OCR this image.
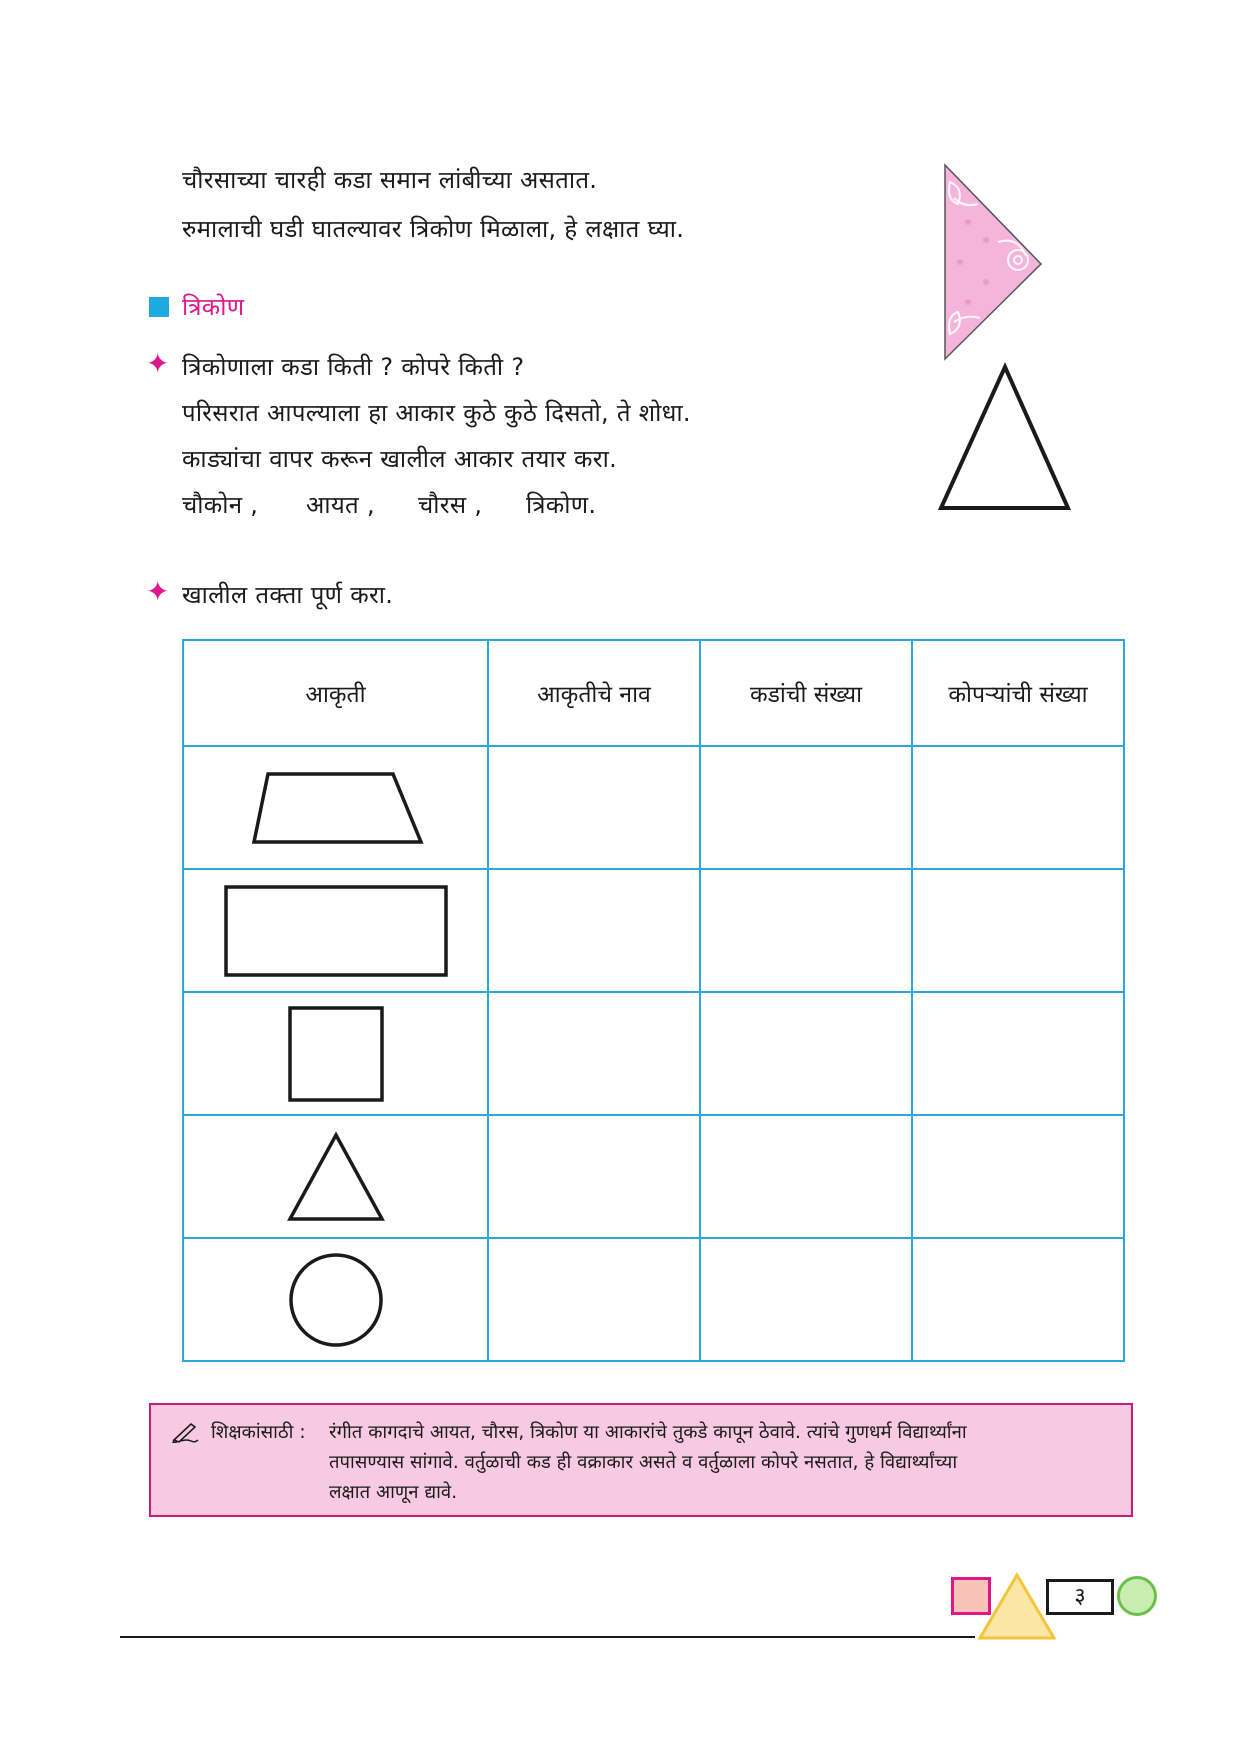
चौरसाच्या चारही कडा समान लांबीच्या असतात.
रुमालाची घडी घातल्यावर त्रिकोण मिळाला, हे लक्षात घ्या.
त्रिकोण
✦ त्रिकोणाला कडा किती ? कोपरे किती ?
परिसरात आपल्याला हा आकार कुठे कुठे दिसतो, ते शोधा.
काड्यांचा वापर करून खालील आकार तयार करा.
चौकोन , आयत , चौरस , त्रिकोण.
✦ खालील तक्ता पूर्ण करा.
आकृती	आकृतीचे नाव	कडांची संख्या	कोपऱ्यांची संख्या

शिक्षकांसाठी : रंगीत कागदाचे आयत, चौरस, त्रिकोण या आकारांचे तुकडे कापून ठेवावे. त्यांचे गुणधर्म विद्यार्थ्यांना
तपासण्यास सांगावे. वर्तुळाची कड ही वक्राकार असते व वर्तुळाला कोपरे नसतात, हे विद्यार्थ्यांच्या
लक्षात आणून द्यावे.
३
